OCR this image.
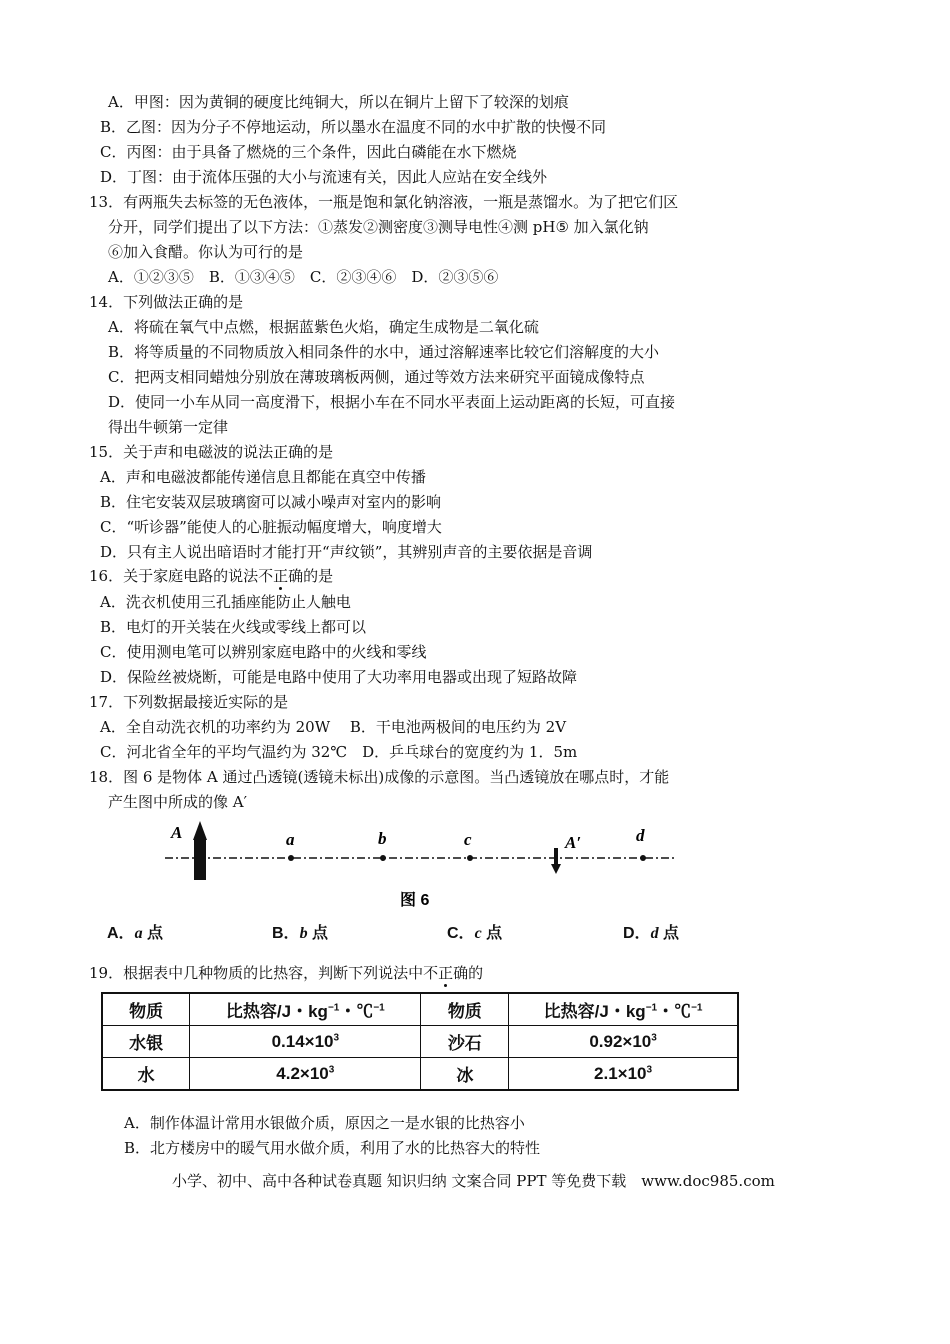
A．甲图：因为黄铜的硬度比纯铜大，所以在铜片上留下了较深的划痕
B．乙图：因为分子不停地运动，所以墨水在温度不同的水中扩散的快慢不同
C．丙图：由于具备了燃烧的三个条件，因此白磷能在水下燃烧
D．丁图：由于流体压强的大小与流速有关，因此人应站在安全线外
13．有两瓶失去标签的无色液体，一瓶是饱和氯化钠溶液，一瓶是蒸馏水。为了把它们区
分开，同学们提出了以下方法：①蒸发②测密度③测导电性④测 pH⑤ 加入氯化钠
⑥加入食醋。你认为可行的是
A．①②③⑤　B．①③④⑤　C．②③④⑥　D．②③⑤⑥
14．下列做法正确的是
A．将硫在氧气中点燃，根据蓝紫色火焰，确定生成物是二氧化硫
B．将等质量的不同物质放入相同条件的水中，通过溶解速率比较它们溶解度的大小
C．把两支相同蜡烛分别放在薄玻璃板两侧，通过等效方法来研究平面镜成像特点
D．使同一小车从同一高度滑下，根据小车在不同水平表面上运动距离的长短，可直接
得出牛顿第一定律
15．关于声和电磁波的说法正确的是
A．声和电磁波都能传递信息且都能在真空中传播
B．住宅安装双层玻璃窗可以减小噪声对室内的影响
C．“听诊器”能使人的心脏振动幅度增大，响度增大
D．只有主人说出暗语时才能打开“声纹锁”，其辨别声音的主要依据是音调
16．关于家庭电路的说法不正确的是
A．洗衣机使用三孔插座能防止人触电
B．电灯的开关装在火线或零线上都可以
C．使用测电笔可以辨别家庭电路中的火线和零线
D．保险丝被烧断，可能是电路中使用了大功率用电器或出现了短路故障
17．下列数据最接近实际的是
A．全自动洗衣机的功率约为 20W　 B．干电池两极间的电压约为 2V
C．河北省全年的平均气温约为 32℃　D．乒乓球台的宽度约为 1．5m
18．图 6 是物体 A 通过凸透镜(透镜未标出)成像的示意图。当凸透镜放在哪点时，才能
产生图中所成的像 A′
A
A′
a	b	c	d
图 6
A．a 点	B．b 点	C．c 点	D．d 点
19．根据表中几种物质的比热容，判断下列说法中不正确的
物质	比热容/J・$kg^{-1}$・℃$^{-1}$	物质	比热容/J・$kg^{-1}$・℃$^{-1}$
水银	$0.14\times 10^3$	沙石	$0.92\times 10^3$
水	$4.2\times 10^3$	冰	$2.1\times 10^3$
A．制作体温计常用水银做介质，原因之一是水银的比热容小
B．北方楼房中的暖气用水做介质，利用了水的比热容大的特性
小学、初中、高中各种试卷真题 知识归纳 文案合同 PPT 等免费下载　www.doc985.com
